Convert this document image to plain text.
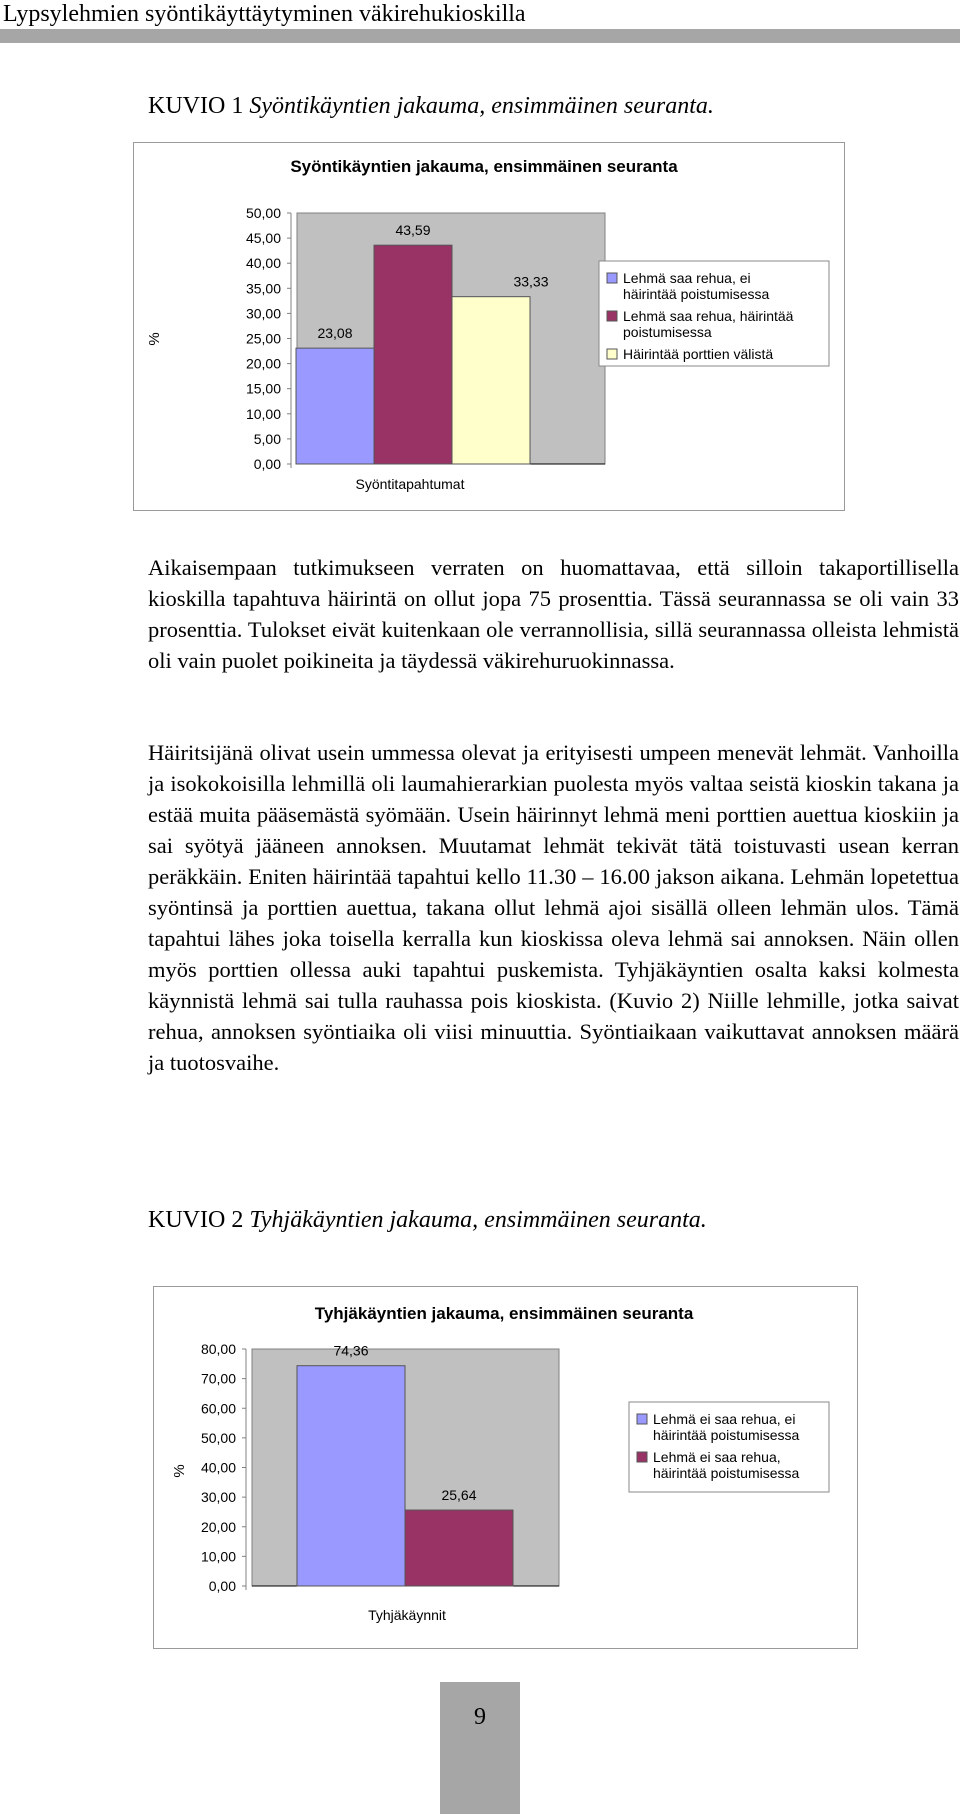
Lypsylehmien syöntikäyttäytyminen väkirehukioskilla
KUVIO 1 Syöntikäyntien jakauma, ensimmäinen seuranta.
Syöntikäyntien jakauma, ensimmäinen seuranta
0,00
5,00
10,00
15,00
20,00
25,00
30,00
35,00
40,00
45,00
50,00
%	23,08
43,59
33,33
Syöntitapahtumat
Lehmä saa rehua, ei häirintää poistumisessa
Lehmä saa rehua, häirintää poistumisessa
Häirintää porttien välistä

Aikaisempaan tutkimukseen verraten on huomattavaa, että silloin takaportillisella kioskilla tapahtuva häirintä on ollut jopa 75 prosenttia. Tässä seurannassa se oli vain 33 prosenttia. Tulokset eivät kuitenkaan ole verrannollisia, sillä seurannassa olleista lehmistä oli vain puolet poikineita ja täydessä väkirehuruokinnassa.

Häiritsijänä olivat usein ummessa olevat ja erityisesti umpeen menevät lehmät. Vanhoilla ja isokokoisilla lehmillä oli laumahierarkian puolesta myös valtaa seistä kioskin takana ja estää muita pääsemästä syömään. Usein häirinnyt lehmä meni porttien auettua kioskiin ja sai syötyä jääneen annoksen. Muutamat lehmät tekivät tätä toistuvasti usean kerran peräkkäin. Eniten häirintää tapahtui kello 11.30 – 16.00 jakson aikana. Lehmän lopetettua syöntinsä ja porttien auettua, takana ollut lehmä ajoi sisällä olleen lehmän ulos. Tämä tapahtui lähes joka toisella kerralla kun kioskissa oleva lehmä sai annoksen. Näin ollen myös porttien ollessa auki tapahtui puskemista. Tyhjäkäyntien osalta kaksi kolmesta käynnistä lehmä sai tulla rauhassa pois kioskista. (Kuvio 2) Niille lehmille, jotka saivat rehua, annoksen syöntiaika oli viisi minuuttia. Syöntiaikaan vaikuttavat annoksen määrä ja tuotosvaihe.

KUVIO 2 Tyhjäkäyntien jakauma, ensimmäinen seuranta.
Tyhjäkäyntien jakauma, ensimmäinen seuranta
0,00
10,00
20,00
30,00
40,00
50,00
60,00
70,00
80,00
%
74,36
25,64
Tyhjäkäynnit
Lehmä ei saa rehua, ei häirintää poistumisessa
Lehmä ei saa rehua, häirintää poistumisessa
9
